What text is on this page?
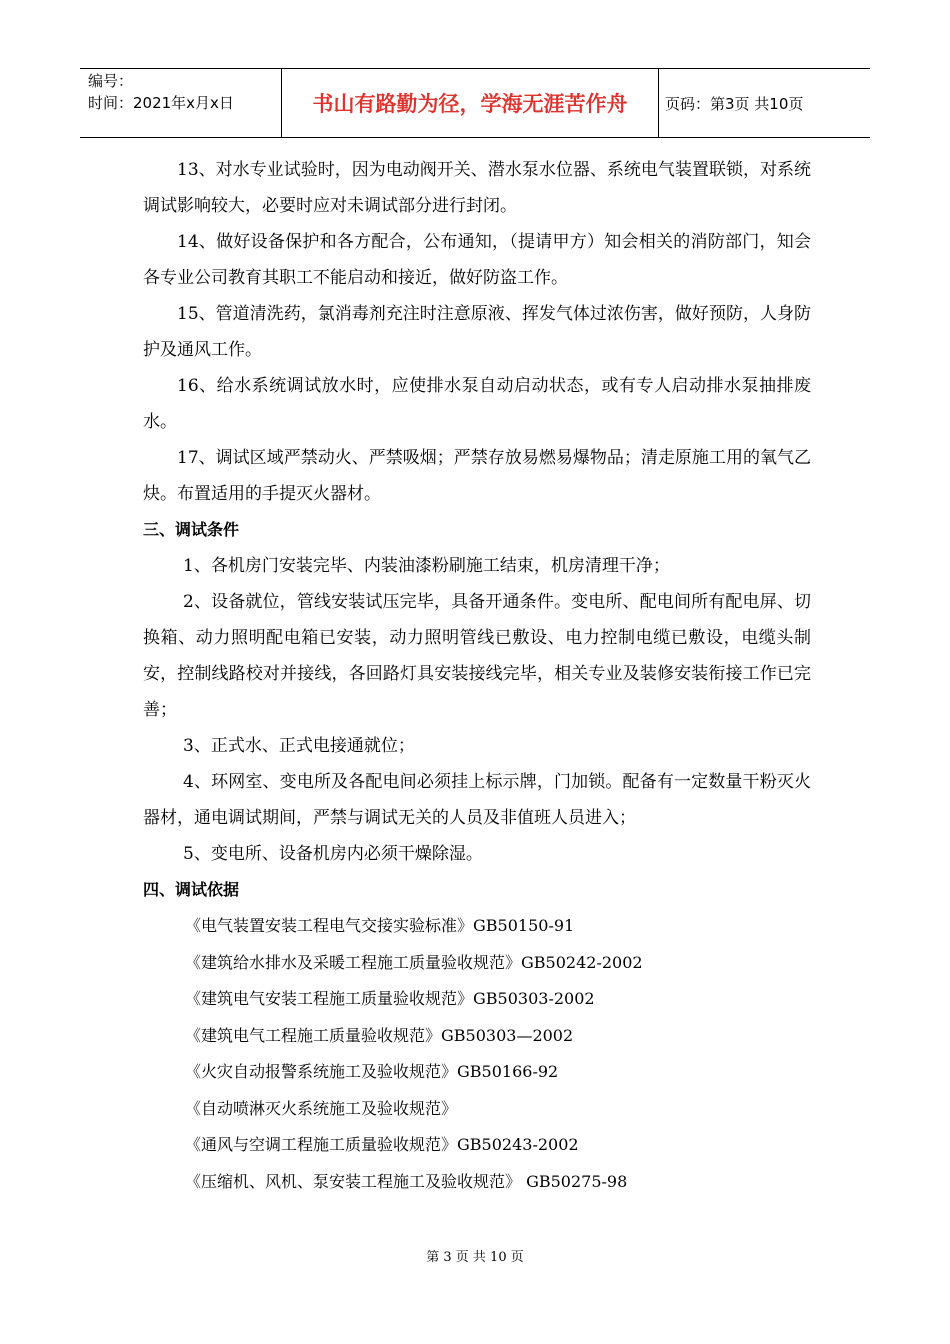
编号：
时间：2021年x月x日	书山有路勤为径，学海无涯苦作舟	页码：第3页 共10页

13、对水专业试验时，因为电动阀开关、潜水泵水位器、系统电气装置联锁，对系统调试影响较大，必要时应对未调试部分进行封闭。

14、做好设备保护和各方配合，公布通知，（提请甲方）知会相关的消防部门，知会各专业公司教育其职工不能启动和接近，做好防盗工作。

15、管道清洗药，氯消毒剂充注时注意原液、挥发气体过浓伤害，做好预防，人身防护及通风工作。

16、给水系统调试放水时，应使排水泵自动启动状态，或有专人启动排水泵抽排废水。

17、调试区域严禁动火、严禁吸烟；严禁存放易燃易爆物品；清走原施工用的氧气乙炔。布置适用的手提灭火器材。

三、调试条件

1、各机房门安装完毕、内装油漆粉刷施工结束，机房清理干净；

2、设备就位，管线安装试压完毕，具备开通条件。变电所、配电间所有配电屏、切换箱、动力照明配电箱已安装，动力照明管线已敷设、电力控制电缆已敷设，电缆头制安，控制线路校对并接线，各回路灯具安装接线完毕，相关专业及装修安装衔接工作已完善；

3、正式水、正式电接通就位；

4、环网室、变电所及各配电间必须挂上标示牌，门加锁。配备有一定数量干粉灭火器材，通电调试期间，严禁与调试无关的人员及非值班人员进入；

5、变电所、设备机房内必须干燥除湿。

四、调试依据

《电气装置安装工程电气交接实验标准》GB50150-91

《建筑给水排水及采暖工程施工质量验收规范》GB50242-2002

《建筑电气安装工程施工质量验收规范》GB50303-2002

《建筑电气工程施工质量验收规范》GB50303—2002

《火灾自动报警系统施工及验收规范》GB50166-92

《自动喷淋灭火系统施工及验收规范》

《通风与空调工程施工质量验收规范》GB50243-2002

《压缩机、风机、泵安装工程施工及验收规范》 GB50275-98

第 3 页 共 10 页
